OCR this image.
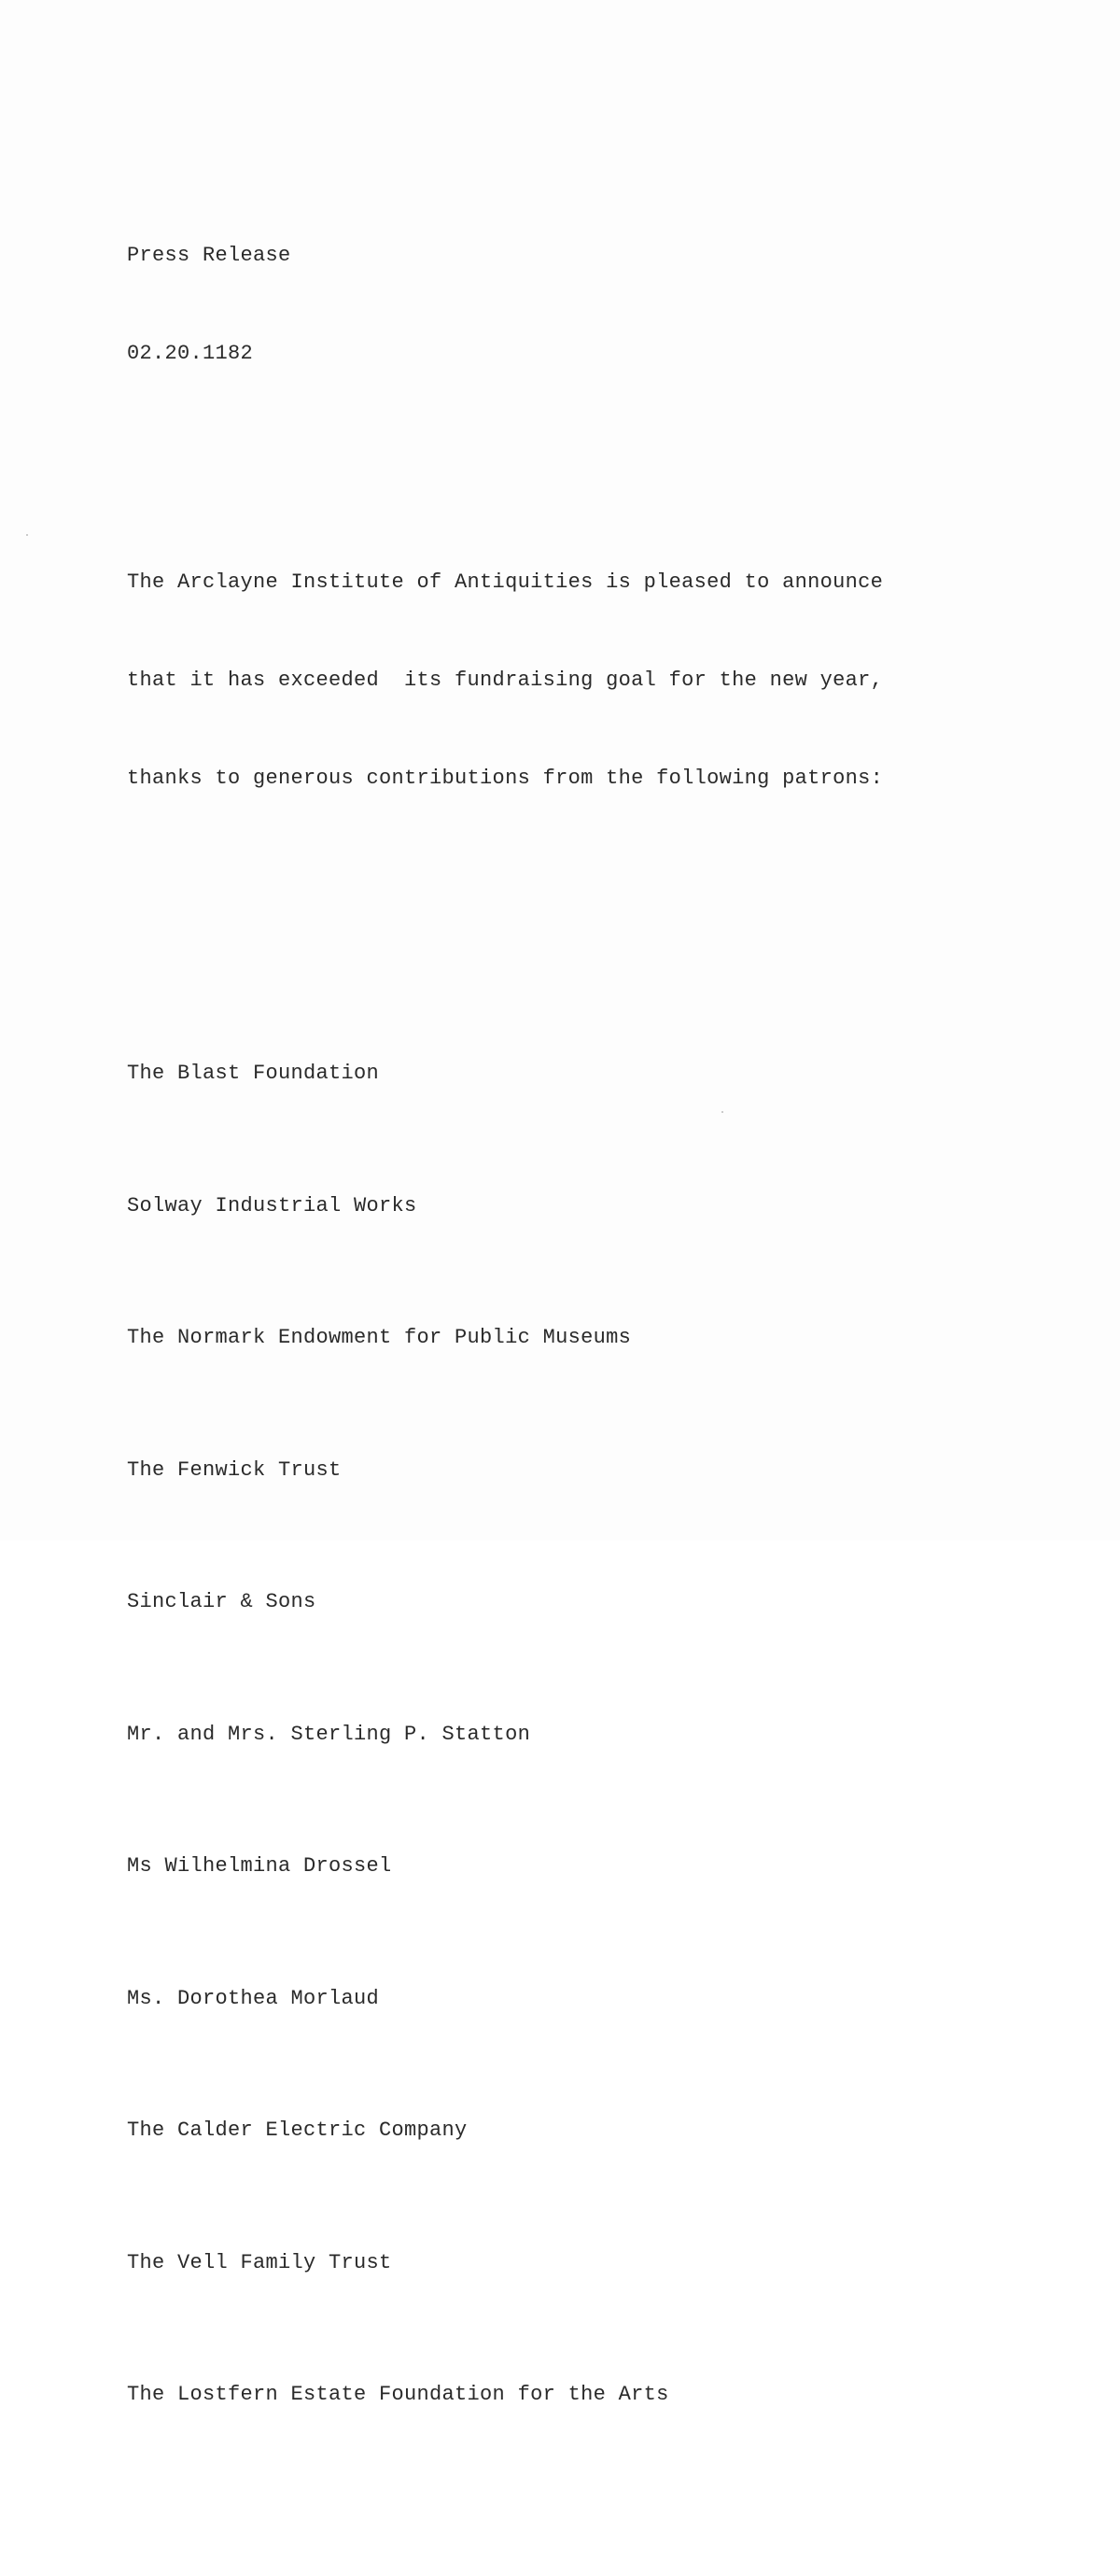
Press Release

02.20.1182

The Arclayne Institute of Antiquities is pleased to announce

that it has exceeded  its fundraising goal for the new year,

thanks to generous contributions from the following patrons:

The Blast Foundation

Solway Industrial Works

The Normark Endowment for Public Museums

The Fenwick Trust

Sinclair & Sons

Mr. and Mrs. Sterling P. Statton

Ms Wilhelmina Drossel

Ms. Dorothea Morlaud

The Calder Electric Company

The Vell Family Trust

The Lostfern Estate Foundation for the Arts
